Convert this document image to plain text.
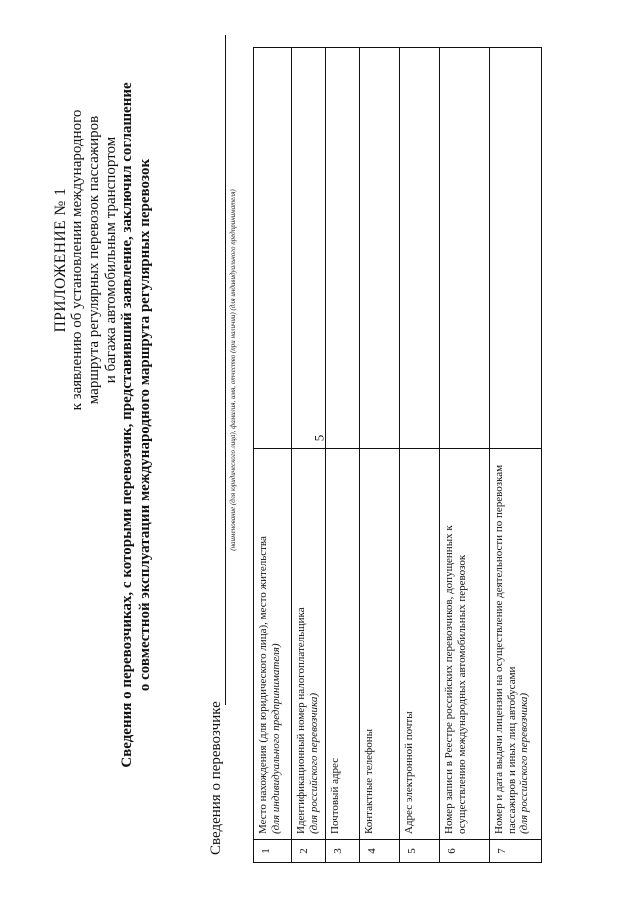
5
ПРИЛОЖЕНИЕ № 1 к заявлению об установлении международного маршрута регулярных перевозок пассажиров и багажа автомобильным транспортом Сведения о перевозчиках, с которыми перевозчик, представивший заявление, заключил соглашение о совместной эксплуатации международного маршрута регулярных перевозок
Сведения о перевозчике
(наименование (для юридического лица), фамилия, имя, отчество (при наличии) (для индивидуального предпринимателя)
1	Место нахождения (для юридического лица), место жительства (для индивидуального предпринимателя)	

2	Идентификационный номер налогоплательщика (для российского перевозчика)	

3	Почтовый адрес	

4	Контактные телефоны	

5	Адрес электронной почты	

6	Номер записи в Реестре российских перевозчиков, допущенных к осуществлению международных автомобильных перевозок	

7	Номер и дата выдачи лицензии на осуществление деятельности по перевозкам пассажиров и иных лиц автобусами (для российского перевозчика)	
